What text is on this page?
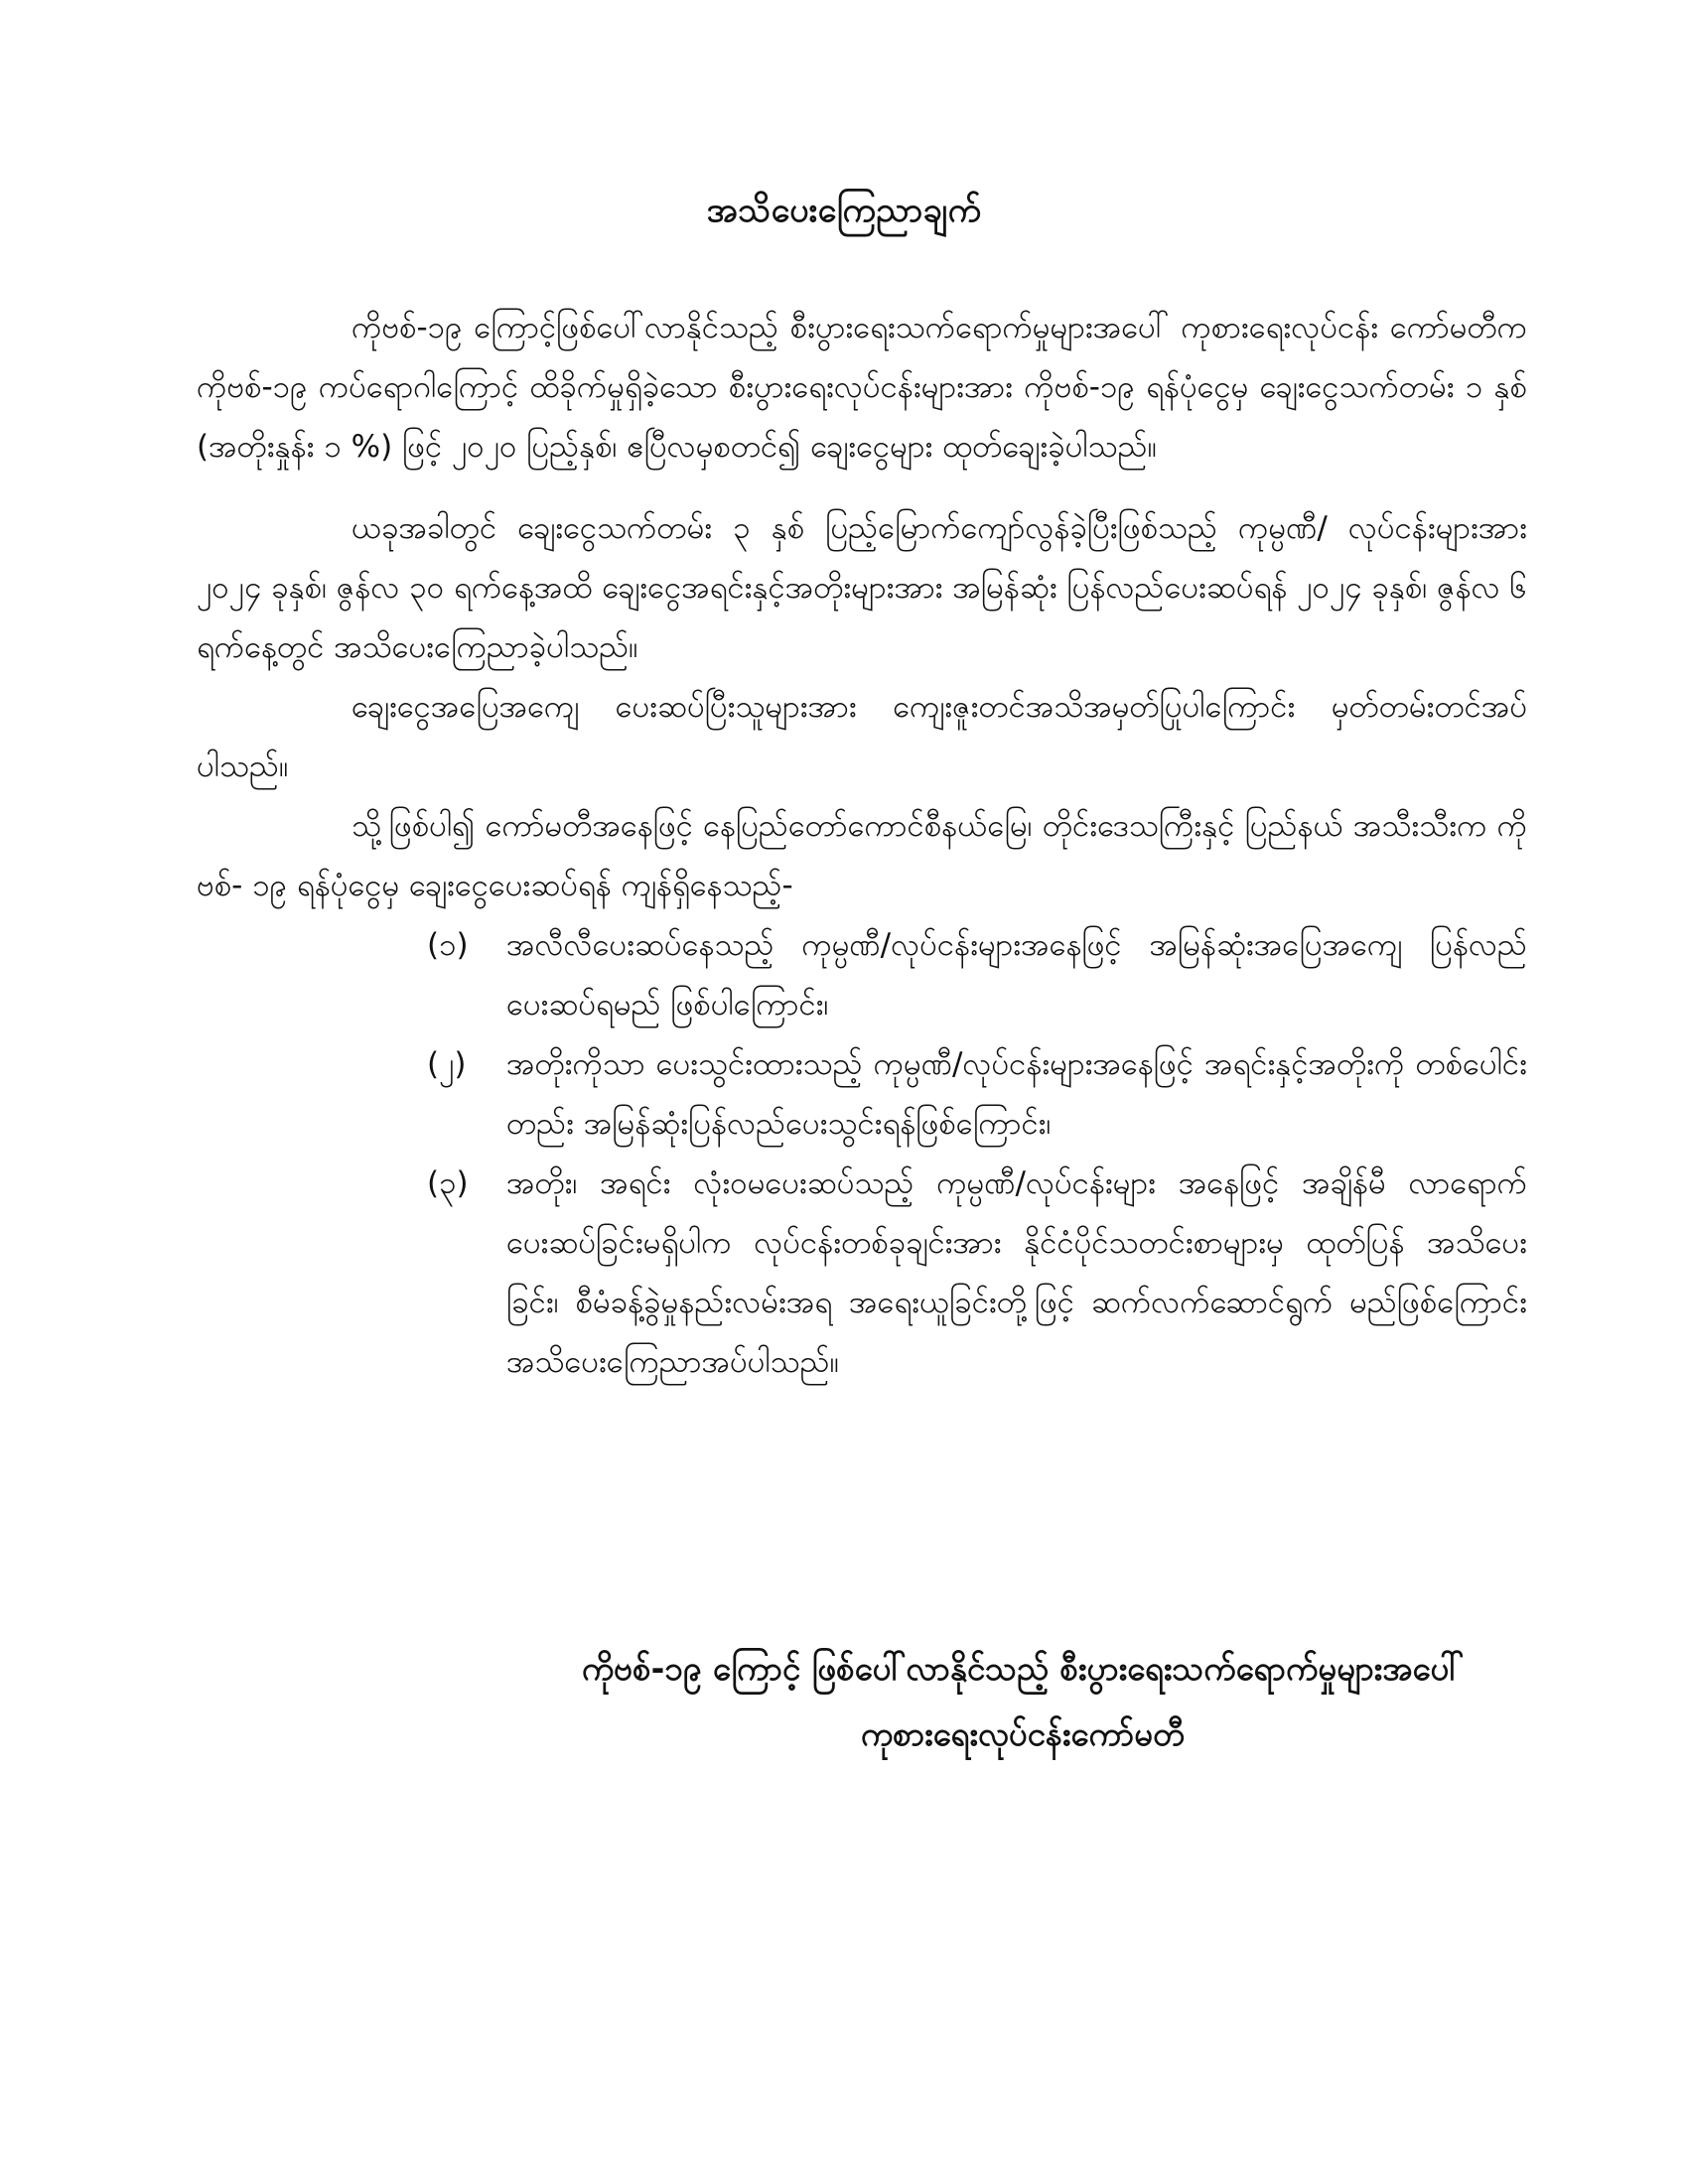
အသိပေးကြေညာချက်

ကိုဗစ်-၁၉ ကြောင့်ဖြစ်ပေါ်လာနိုင်သည့် စီးပွားရေးသက်ရောက်မှုများအပေါ် ကုစားရေးလုပ်ငန်း ကော်မတီက ကိုဗစ်-၁၉ ကပ်ရောဂါကြောင့် ထိခိုက်မှုရှိခဲ့သော စီးပွားရေးလုပ်ငန်းများအား ကိုဗစ်-၁၉ ရန်ပုံငွေမှ ချေးငွေသက်တမ်း ၁ နှစ် (အတိုးနှုန်း ၁ %) ဖြင့် ၂၀၂၀ ပြည့်နှစ်၊ ဧပြီလမှစတင်၍ ချေးငွေများ ထုတ်ချေးခဲ့ပါသည်။

ယခုအခါတွင် ချေးငွေသက်တမ်း ၃ နှစ် ပြည့်မြောက်ကျော်လွန်ခဲ့ပြီးဖြစ်သည့် ကုမ္ပဏီ/ လုပ်ငန်းများအား ၂၀၂၄ ခုနှစ်၊ ဇွန်လ ၃၀ ရက်နေ့အထိ ချေးငွေအရင်းနှင့်အတိုးများအား အမြန်ဆုံး ပြန်လည်ပေးဆပ်ရန် ၂၀၂၄ ခုနှစ်၊ ဇွန်လ ၆ ရက်နေ့တွင် အသိပေးကြေညာခဲ့ပါသည်။

ချေးငွေအပြေအကျေ ပေးဆပ်ပြီးသူများအား ကျေးဇူးတင်အသိအမှတ်ပြုပါကြောင်း မှတ်တမ်းတင်အပ်ပါသည်။

သို့ဖြစ်ပါ၍ ကော်မတီအနေဖြင့် နေပြည်တော်ကောင်စီနယ်မြေ၊ တိုင်းဒေသကြီးနှင့် ပြည်နယ် အသီးသီးက ကိုဗစ်- ၁၉ ရန်ပုံငွေမှ ချေးငွေပေးဆပ်ရန် ကျန်ရှိနေသည့်-

(၁) အလီလီပေးဆပ်နေသည့် ကုမ္ပဏီ/လုပ်ငန်းများအနေဖြင့် အမြန်ဆုံးအပြေအကျေ ပြန်လည်ပေးဆပ်ရမည် ဖြစ်ပါကြောင်း၊
(၂) အတိုးကိုသာ ပေးသွင်းထားသည့် ကုမ္ပဏီ/လုပ်ငန်းများအနေဖြင့် အရင်းနှင့်အတိုးကို တစ်ပေါင်းတည်း အမြန်ဆုံးပြန်လည်ပေးသွင်းရန်ဖြစ်ကြောင်း၊
(၃) အတိုး၊ အရင်း လုံးဝမပေးဆပ်သည့် ကုမ္ပဏီ/လုပ်ငန်းများ အနေဖြင့် အချိန်မီ လာရောက် ပေးဆပ်ခြင်းမရှိပါက လုပ်ငန်းတစ်ခုချင်းအား နိုင်ငံပိုင်သတင်းစာများမှ ထုတ်ပြန် အသိပေးခြင်း၊ စီမံခန့်ခွဲမှုနည်းလမ်းအရ အရေးယူခြင်းတို့ဖြင့် ဆက်လက်ဆောင်ရွက် မည်ဖြစ်ကြောင်း အသိပေးကြေညာအပ်ပါသည်။
ကိုဗစ်-၁၉ ကြောင့် ဖြစ်ပေါ်လာနိုင်သည့် စီးပွားရေးသက်ရောက်မှုများအပေါ်
ကုစားရေးလုပ်ငန်းကော်မတီ
